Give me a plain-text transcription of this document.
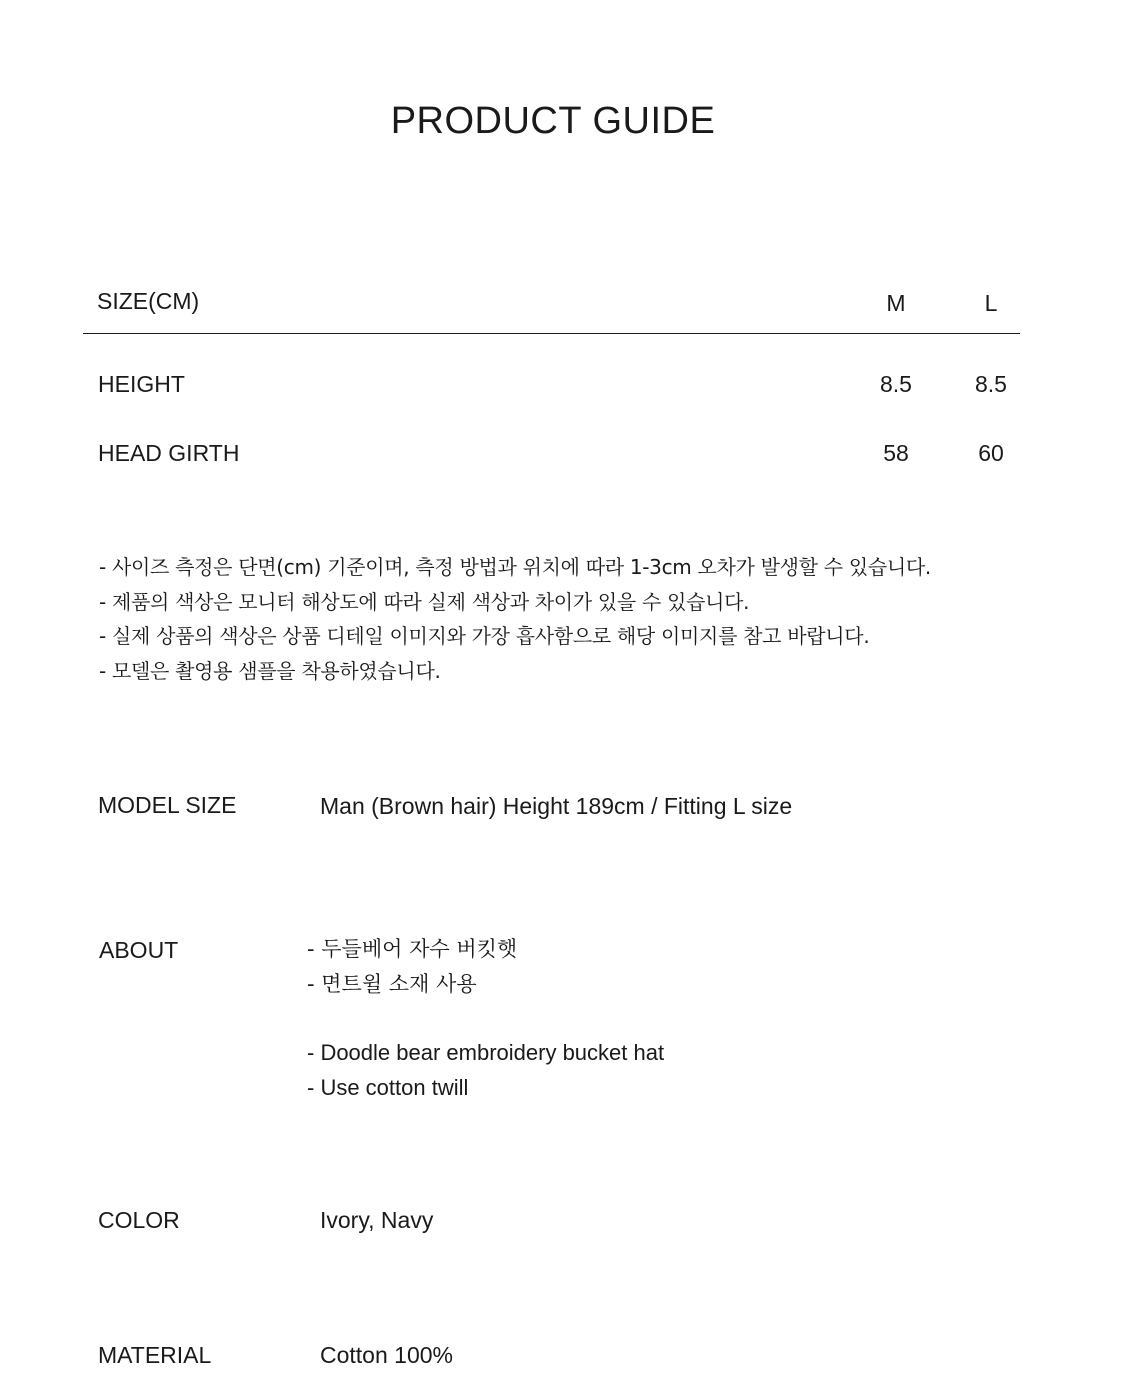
PRODUCT GUIDE
SIZE(CM)	M	L
HEIGHT	8.5	8.5
HEAD GIRTH	58	60
- 사이즈 측정은 단면(cm) 기준이며, 측정 방법과 위치에 따라 1-3cm 오차가 발생할 수 있습니다.
- 제품의 색상은 모니터 해상도에 따라 실제 색상과 차이가 있을 수 있습니다.
- 실제 상품의 색상은 상품 디테일 이미지와 가장 흡사함으로 해당 이미지를 참고 바랍니다.
- 모델은 촬영용 샘플을 착용하였습니다.
MODEL SIZE	Man (Brown hair) Height 189cm / Fitting L size
ABOUT	- 두들베어 자수 버킷햇
- 면트윌 소재 사용
- Doodle bear embroidery bucket hat
- Use cotton twill
COLOR	Ivory, Navy
MATERIAL	Cotton 100%
